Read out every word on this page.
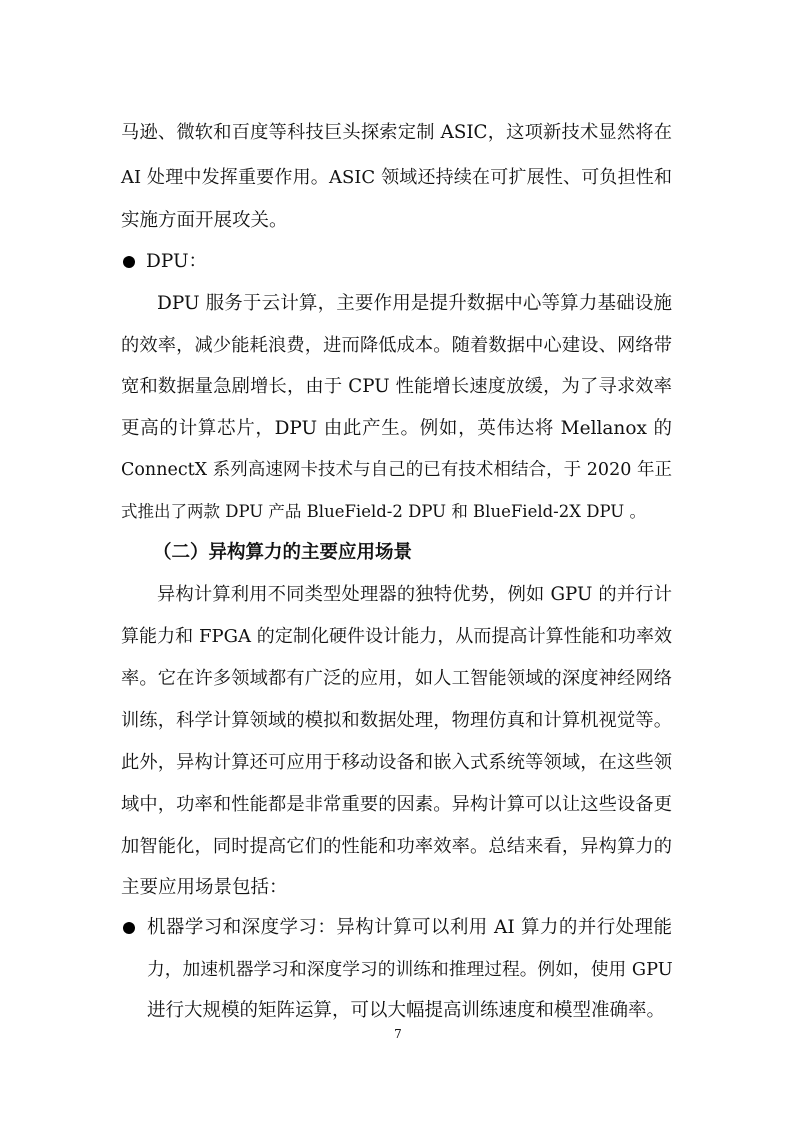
马逊、微软和百度等科技巨头探索定制 ASIC，这项新技术显然将在
AI 处理中发挥重要作用。ASIC 领域还持续在可扩展性、可负担性和
实施方面开展攻关。
DPU：
DPU 服务于云计算，主要作用是提升数据中心等算力基础设施
的效率，减少能耗浪费，进而降低成本。随着数据中心建设、网络带
宽和数据量急剧增长，由于 CPU 性能增长速度放缓，为了寻求效率
更高的计算芯片，DPU 由此产生。例如，英伟达将 Mellanox 的
ConnectX 系列高速网卡技术与自己的已有技术相结合，于 2020 年正
式推出了两款 DPU 产品 BlueField-2 DPU 和 BlueField-2X DPU 。
（二）异构算力的主要应用场景
异构计算利用不同类型处理器的独特优势，例如 GPU 的并行计
算能力和 FPGA 的定制化硬件设计能力，从而提高计算性能和功率效
率。它在许多领域都有广泛的应用，如人工智能领域的深度神经网络
训练，科学计算领域的模拟和数据处理，物理仿真和计算机视觉等。
此外，异构计算还可应用于移动设备和嵌入式系统等领域，在这些领
域中，功率和性能都是非常重要的因素。异构计算可以让这些设备更
加智能化，同时提高它们的性能和功率效率。总结来看，异构算力的
主要应用场景包括：
机器学习和深度学习：异构计算可以利用 AI 算力的并行处理能
力，加速机器学习和深度学习的训练和推理过程。例如，使用 GPU
进行大规模的矩阵运算，可以大幅提高训练速度和模型准确率。
7
